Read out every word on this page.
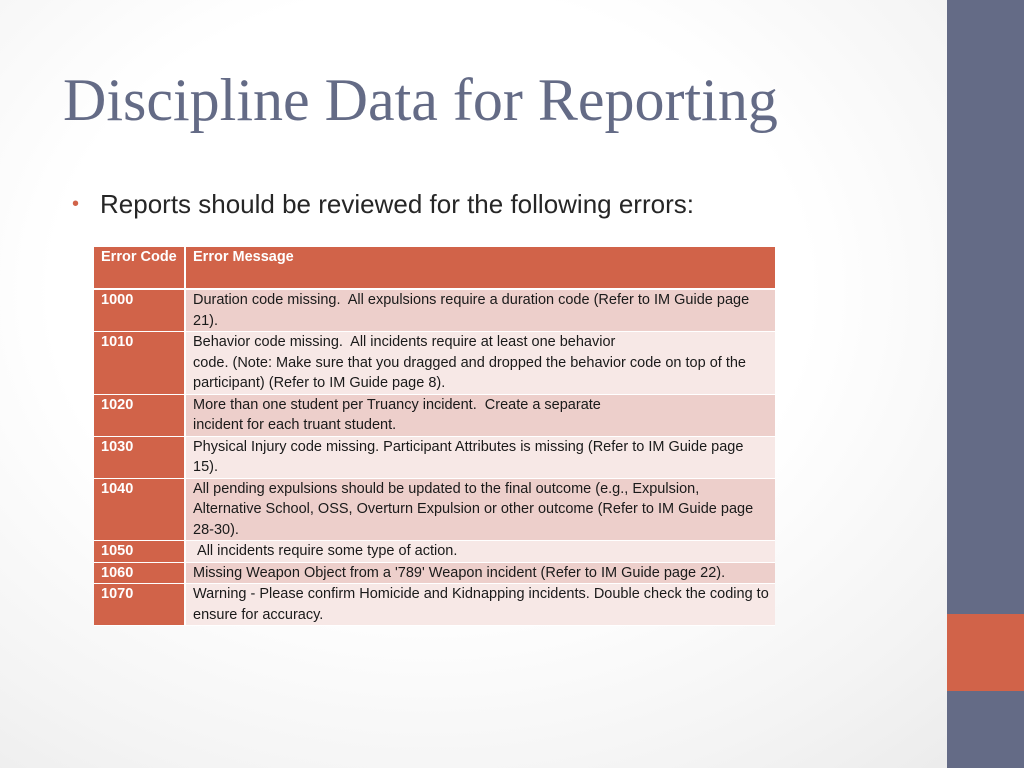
Discipline Data for Reporting
• Reports should be reviewed for the following errors:
Error Code	Error Message
1000	Duration code missing.  All expulsions require a duration code (Refer to IM Guide page 21).
1010	Behavior code missing.  All incidents require at least one behavior
code. (Note: Make sure that you dragged and dropped the behavior code on top of the participant) (Refer to IM Guide page 8).
1020	More than one student per Truancy incident.  Create a separate
incident for each truant student.
1030	Physical Injury code missing. Participant Attributes is missing (Refer to IM Guide page 15).
1040	All pending expulsions should be updated to the final outcome (e.g., Expulsion, Alternative School, OSS, Overturn Expulsion or other outcome (Refer to IM Guide page 28-30).
1050	All incidents require some type of action.
1060	Missing Weapon Object from a '789' Weapon incident (Refer to IM Guide page 22).
1070	Warning - Please confirm Homicide and Kidnapping incidents. Double check the coding to ensure for accuracy.
